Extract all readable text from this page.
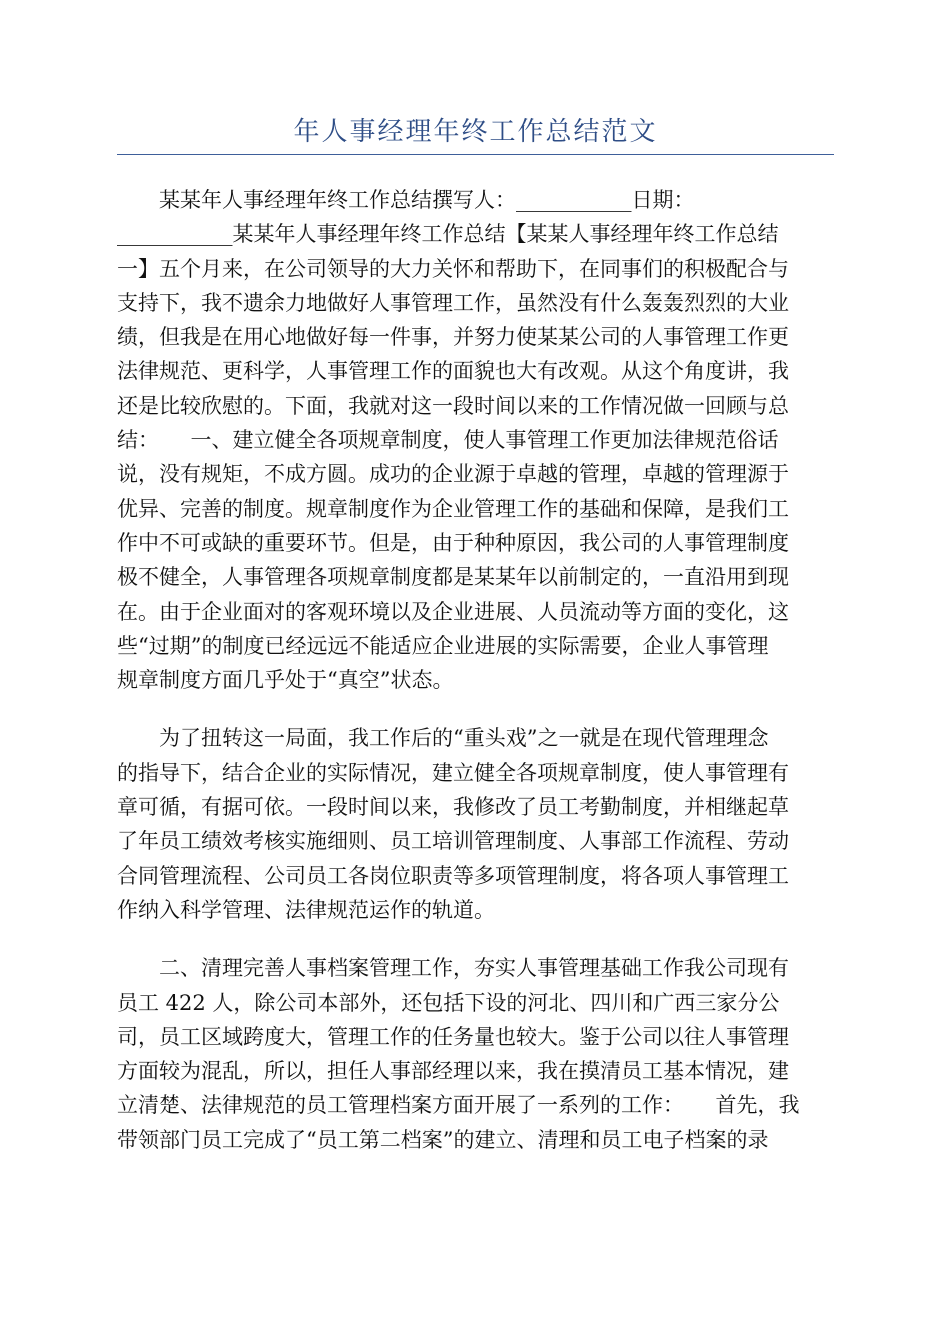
年人事经理年终工作总结范文
　　某某年人事经理年终工作总结撰写人：___________日期：
___________某某年人事经理年终工作总结【某某人事经理年终工作总结
一】五个月来，在公司领导的大力关怀和帮助下，在同事们的积极配合与
支持下，我不遗余力地做好人事管理工作，虽然没有什么轰轰烈烈的大业
绩，但我是在用心地做好每一件事，并努力使某某公司的人事管理工作更
法律规范、更科学，人事管理工作的面貌也大有改观。从这个角度讲，我
还是比较欣慰的。下面，我就对这一段时间以来的工作情况做一回顾与总
结：　　一、建立健全各项规章制度，使人事管理工作更加法律规范俗话
说，没有规矩，不成方圆。成功的企业源于卓越的管理，卓越的管理源于
优异、完善的制度。规章制度作为企业管理工作的基础和保障，是我们工
作中不可或缺的重要环节。但是，由于种种原因，我公司的人事管理制度
极不健全，人事管理各项规章制度都是某某年以前制定的，一直沿用到现
在。由于企业面对的客观环境以及企业进展、人员流动等方面的变化，这
些“过期”的制度已经远远不能适应企业进展的实际需要，企业人事管理
规章制度方面几乎处于“真空”状态。
　　为了扭转这一局面，我工作后的“重头戏”之一就是在现代管理理念
的指导下，结合企业的实际情况，建立健全各项规章制度，使人事管理有
章可循，有据可依。一段时间以来，我修改了员工考勤制度，并相继起草
了年员工绩效考核实施细则、员工培训管理制度、人事部工作流程、劳动
合同管理流程、公司员工各岗位职责等多项管理制度，将各项人事管理工
作纳入科学管理、法律规范运作的轨道。
　　二、清理完善人事档案管理工作，夯实人事管理基础工作我公司现有
员工 422 人，除公司本部外，还包括下设的河北、四川和广西三家分公
司，员工区域跨度大，管理工作的任务量也较大。鉴于公司以往人事管理
方面较为混乱，所以，担任人事部经理以来，我在摸清员工基本情况，建
立清楚、法律规范的员工管理档案方面开展了一系列的工作：　　首先，我
带领部门员工完成了“员工第二档案”的建立、清理和员工电子档案的录
